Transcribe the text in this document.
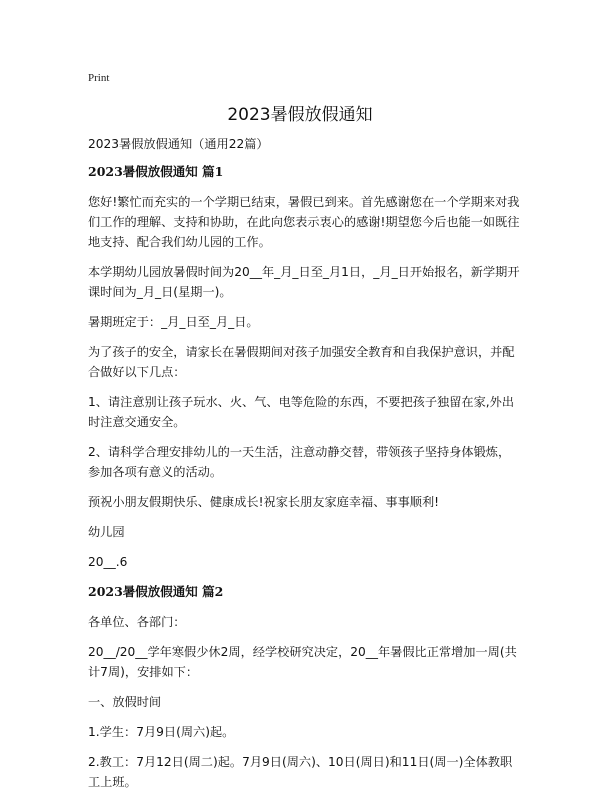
Print
2023暑假放假通知

2023暑假放假通知（通用22篇）

2023暑假放假通知 篇1

您好!繁忙而充实的一个学期已结束，暑假已到来。首先感谢您在一个学期来对我们工作的理解、支持和协助，在此向您表示衷心的感谢!期望您今后也能一如既往地支持、配合我们幼儿园的工作。

本学期幼儿园放暑假时间为20__年_月_日至_月1日，_月_日开始报名，新学期开课时间为_月_日(星期一)。

暑期班定于：_月_日至_月_日。

为了孩子的安全，请家长在暑假期间对孩子加强安全教育和自我保护意识，并配合做好以下几点：

1、请注意别让孩子玩水、火、气、电等危险的东西，不要把孩子独留在家,外出时注意交通安全。

2、请科学合理安排幼儿的一天生活，注意动静交替，带领孩子坚持身体锻炼，参加各项有意义的活动。

预祝小朋友假期快乐、健康成长!祝家长朋友家庭幸福、事事顺利!

幼儿园

20__.6

2023暑假放假通知 篇2

各单位、各部门：

20__/20__学年寒假少休2周，经学校研究决定，20__年暑假比正常增加一周(共计7周)，安排如下：

一、放假时间

1.学生：7月9日(周六)起。

2.教工：7月12日(周二)起。7月9日(周六)、10日(周日)和11日(周一)全体教职工上班。
